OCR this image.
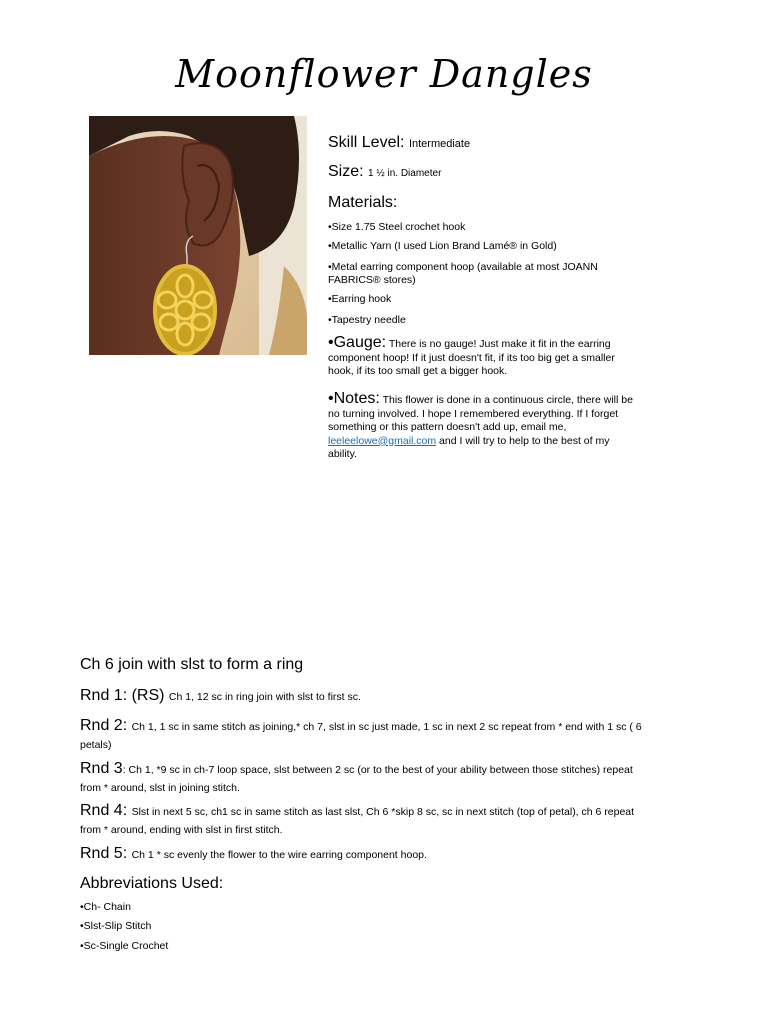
Moonflower Dangles
Skill Level: Intermediate
Size: 1 ½ in. Diameter
Materials:
•Size 1.75 Steel crochet hook
•Metallic Yarn (I used Lion Brand Lamé® in Gold)
•Metal earring component hoop (available at most JOANN
FABRICS® stores)
•Earring hook
•Tapestry needle
•Gauge: There is no gauge! Just make it fit in the earring component hoop! If it just doesn't fit, if its too big get a smaller hook, if its too small get a bigger hook.
•Notes: This flower is done in a continuous circle, there will be no turning involved. I hope I remembered everything. If I forget something or this pattern doesn't add up, email me, leeleelowe@gmail.com and I will try to help to the best of my ability.
Ch 6 join with slst to form a ring
Rnd 1: (RS) Ch 1, 12 sc in ring join with slst to first sc.
Rnd 2: Ch 1, 1 sc in same stitch as joining,* ch 7, slst in sc just made, 1 sc in next 2 sc repeat from * end with 1 sc ( 6 petals)
Rnd 3: Ch 1, *9 sc in ch-7 loop space, slst between 2 sc (or to the best of your ability between those stitches) repeat from * around, slst in joining stitch.
Rnd 4: Slst in next 5 sc, ch1 sc in same stitch as last slst, Ch 6 *skip 8 sc, sc in next stitch (top of petal), ch 6 repeat from * around, ending with slst in first stitch.
Rnd 5: Ch 1 * sc evenly the flower to the wire earring component hoop.
Abbreviations Used:
•Ch- Chain
•Slst-Slip Stitch
•Sc-Single Crochet
